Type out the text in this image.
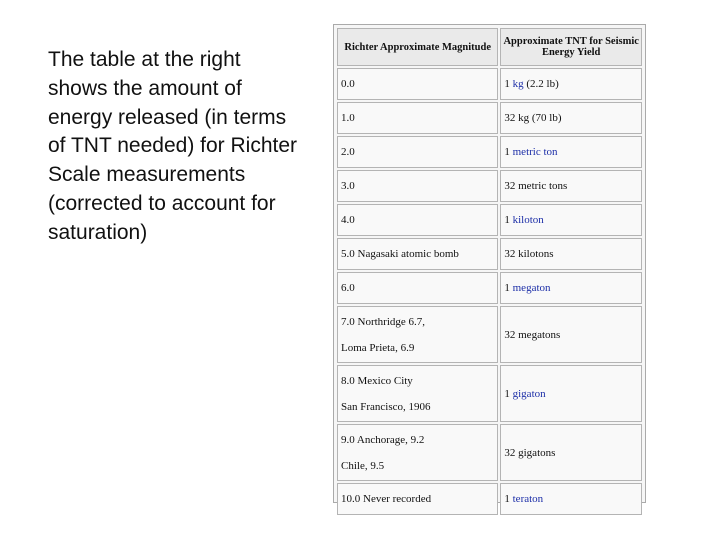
The table at the right shows the amount of energy released (in terms of TNT needed) for Richter Scale measurements (corrected to account for saturation)
Richter Approximate Magnitude	Approximate TNT for Seismic Energy Yield
0.0	1 kg (2.2 lb)
1.0	32 kg (70 lb)
2.0	1 metric ton
3.0	32 metric tons
4.0	1 kiloton
5.0 Nagasaki atomic bomb	32 kilotons
6.0	1 megaton

7.0 Northridge 6.7,
Loma Prieta, 6.9	32 megatons

8.0 Mexico City
San Francisco, 1906	1 gigaton

9.0 Anchorage, 9.2
Chile, 9.5	32 gigatons
10.0 Never recorded	1 teraton
